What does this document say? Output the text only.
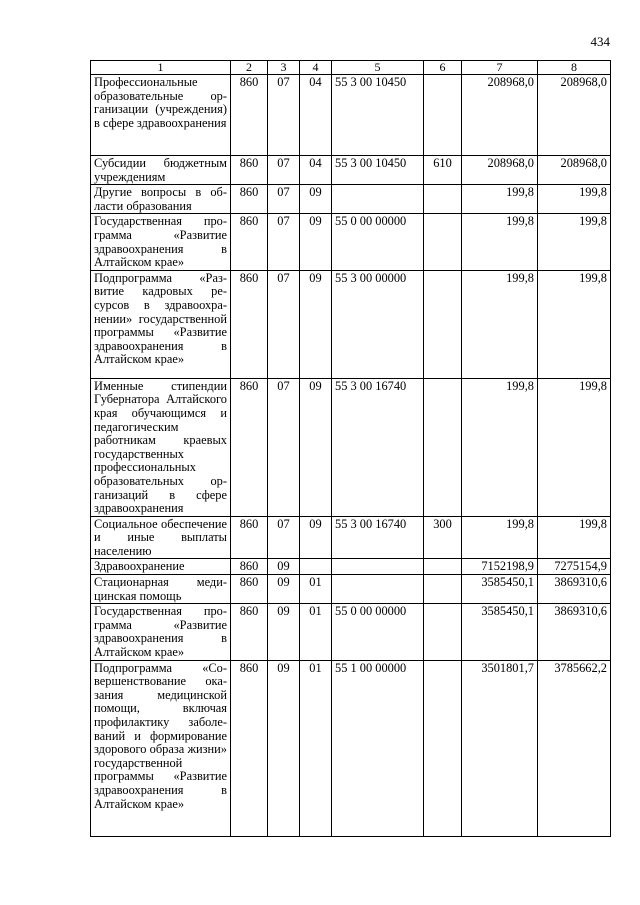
434
1	2	3	4	5	6	7	8
Профессиональные образовательные организации (учреждения) в сфере здравоохранения	860	07	04	55 3 00 10450		208968,0	208968,0
Субсидии бюджетным учреждениям	860	07	04	55 3 00 10450	610	208968,0	208968,0
Другие вопросы в области образования	860	07	09			199,8	199,8
Государственная программа «Развитие здравоохранения в Алтайском крае»	860	07	09	55 0 00 00000		199,8	199,8
Подпрограмма «Развитие кадровых ресурсов в здравоохранении» государственной программы «Развитие здравоохранения в Алтайском крае»	860	07	09	55 3 00 00000		199,8	199,8
Именные стипендии Губернатора Алтайского края обучающимся и педагогическим работникам краевых государственных профессиональных образовательных организаций в сфере здравоохранения	860	07	09	55 3 00 16740		199,8	199,8
Социальное обеспечение и иные выплаты населению	860	07	09	55 3 00 16740	300	199,8	199,8
Здравоохранение	860	09				7152198,9	7275154,9
Стационарная медицинская помощь	860	09	01			3585450,1	3869310,6
Государственная программа «Развитие здравоохранения в Алтайском крае»	860	09	01	55 0 00 00000		3585450,1	3869310,6
Подпрограмма «Совершенствование оказания медицинской помощи, включая профилактику заболеваний и формирование здорового образа жизни» государственной программы «Развитие здравоохранения в Алтайском крае»	860	09	01	55 1 00 00000		3501801,7	3785662,2
